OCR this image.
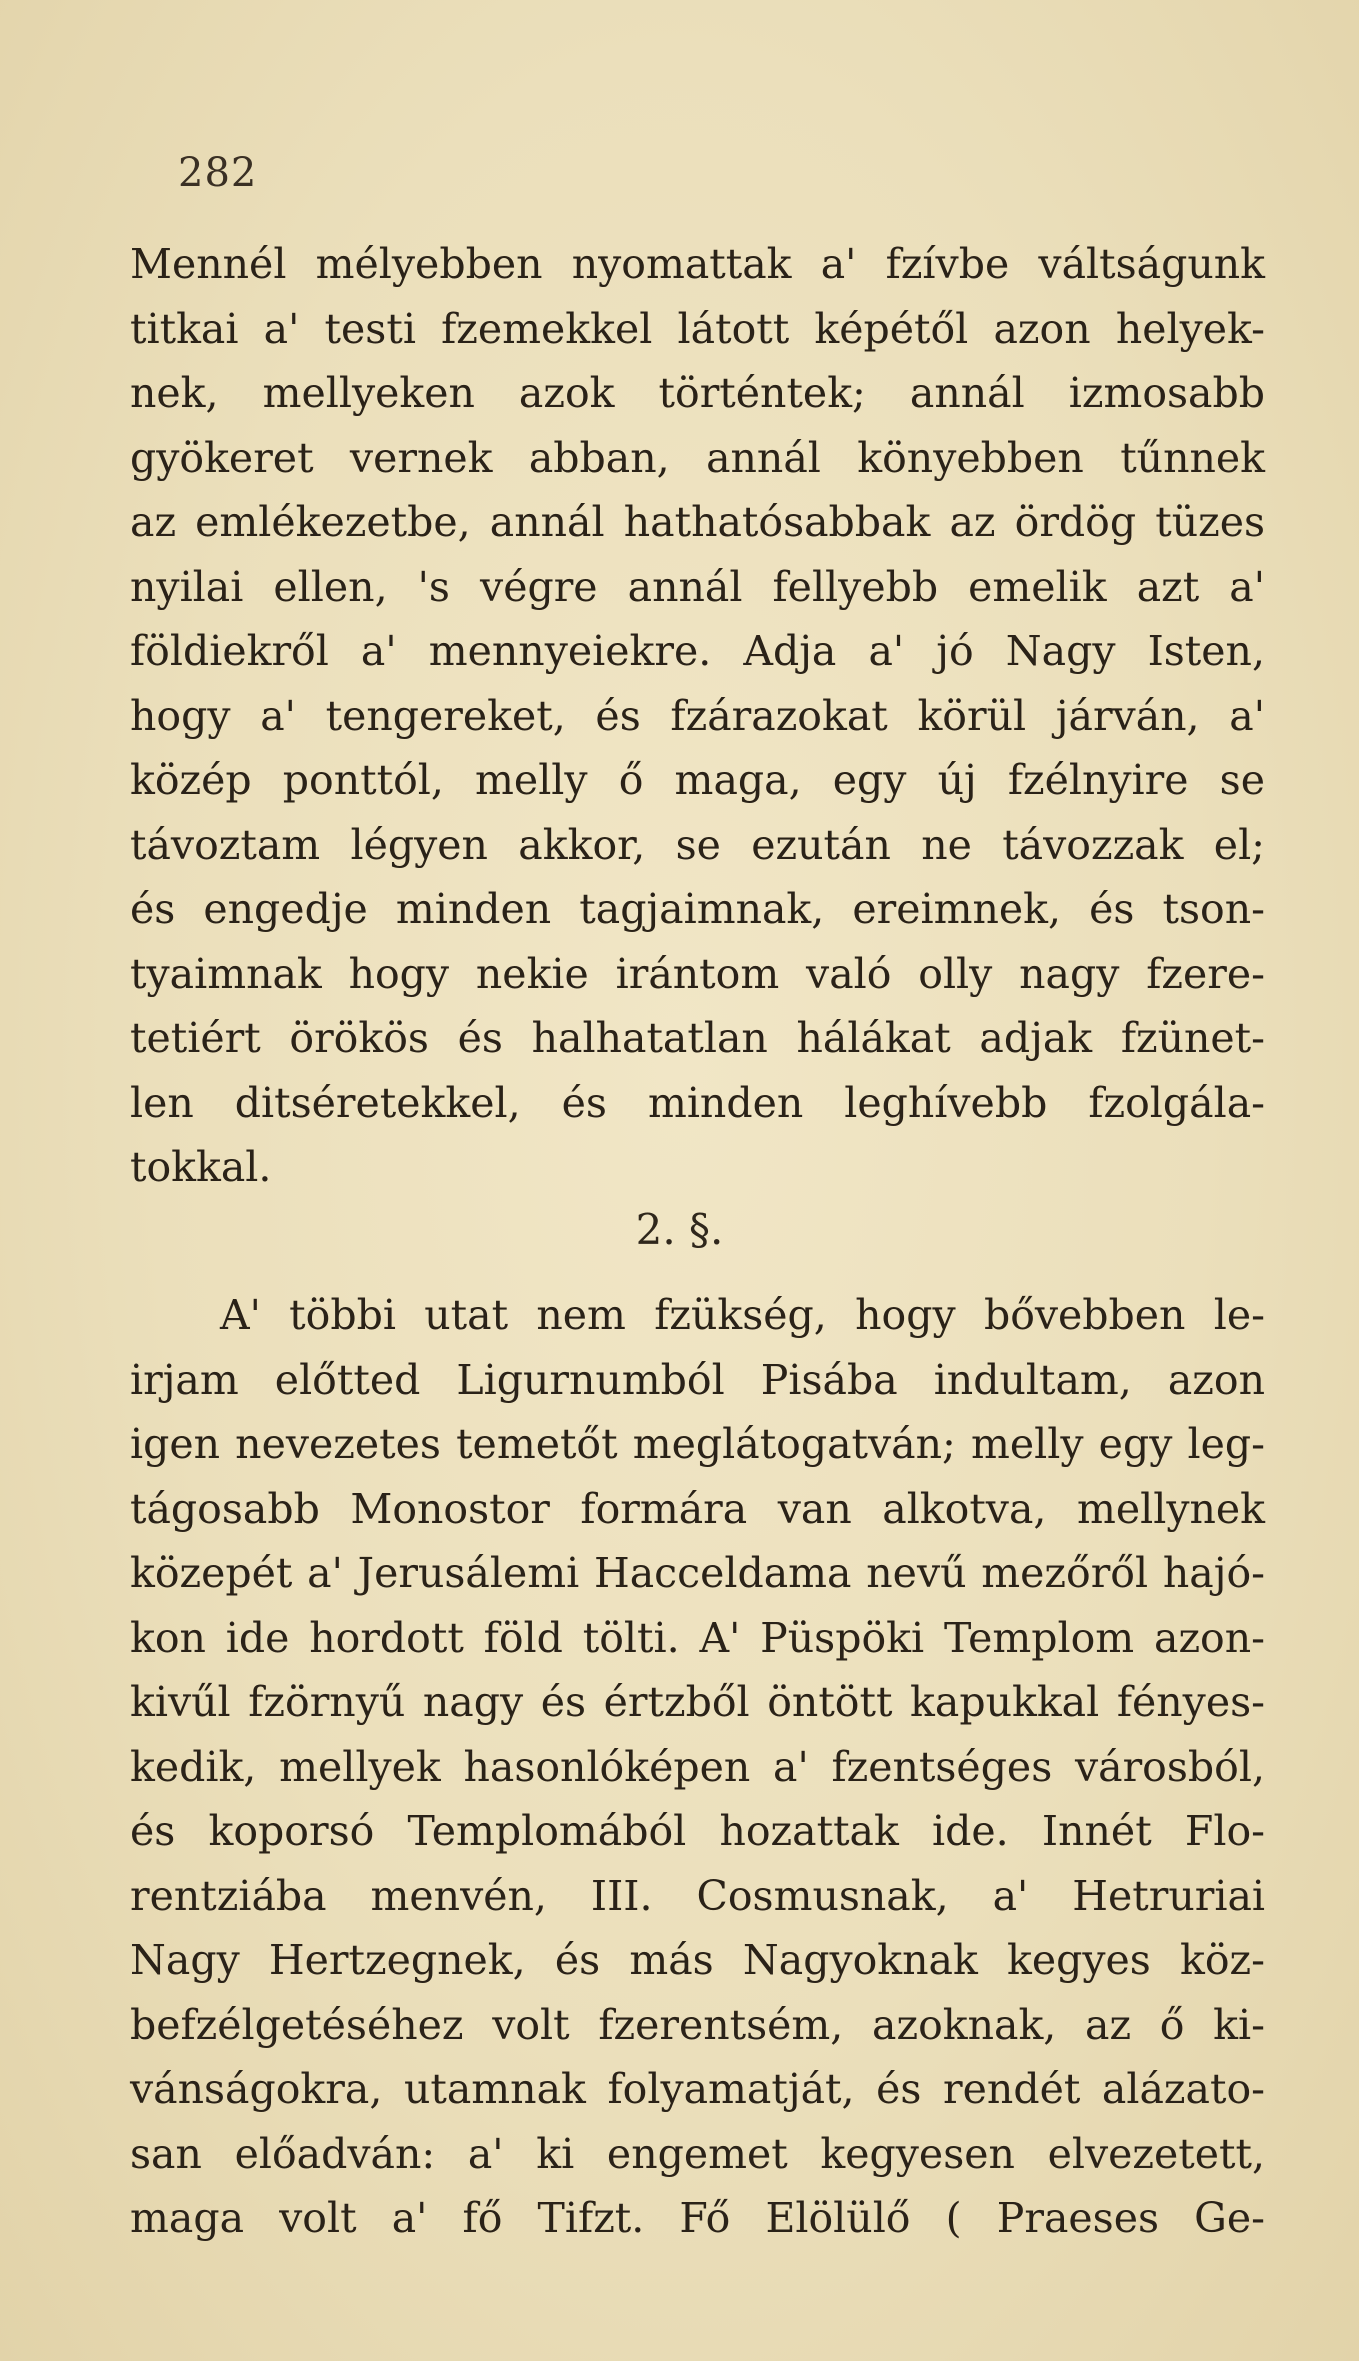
282
Mennél mélyebben nyomattak a' fzívbe váltságunk
titkai a' testi fzemekkel látott képétől azon helyek-
nek, mellyeken azok történtek; annál izmosabb
gyökeret vernek abban, annál könyebben tűnnek
az emlékezetbe, annál hathatósabbak az ördög tüzes
nyilai ellen, 's végre annál fellyebb emelik azt a'
földiekről a' mennyeiekre. Adja a' jó Nagy Isten,
hogy a' tengereket, és fzárazokat körül járván, a'
közép ponttól, melly ő maga, egy új fzélnyire se
távoztam légyen akkor, se ezután ne távozzak el;
és engedje minden tagjaimnak, ereimnek, és tson-
tyaimnak hogy nekie irántom való olly nagy fzere-
tetiért örökös és halhatatlan hálákat adjak fzünet-
len ditséretekkel, és minden leghívebb fzolgála-
tokkal.
2. §.
A' többi utat nem fzükség, hogy bővebben le-
irjam előtted Ligurnumból Pisába indultam, azon
igen nevezetes temetőt meglátogatván; melly egy leg-
tágosabb Monostor formára van alkotva, mellynek
közepét a' Jerusálemi Hacceldama nevű mezőről hajó-
kon ide hordott föld tölti. A' Püspöki Templom azon-
kivűl fzörnyű nagy és értzből öntött kapukkal fényes-
kedik, mellyek hasonlóképen a' fzentséges városból,
és koporsó Templomából hozattak ide. Innét Flo-
rentziába menvén, III. Cosmusnak, a' Hetruriai
Nagy Hertzegnek, és más Nagyoknak kegyes köz-
befzélgetéséhez volt fzerentsém, azoknak, az ő ki-
vánságokra, utamnak folyamatját, és rendét alázato-
san előadván: a' ki engemet kegyesen elvezetett,
maga volt a' fő Tifzt. Fő Elölülő ( Praeses Ge-
